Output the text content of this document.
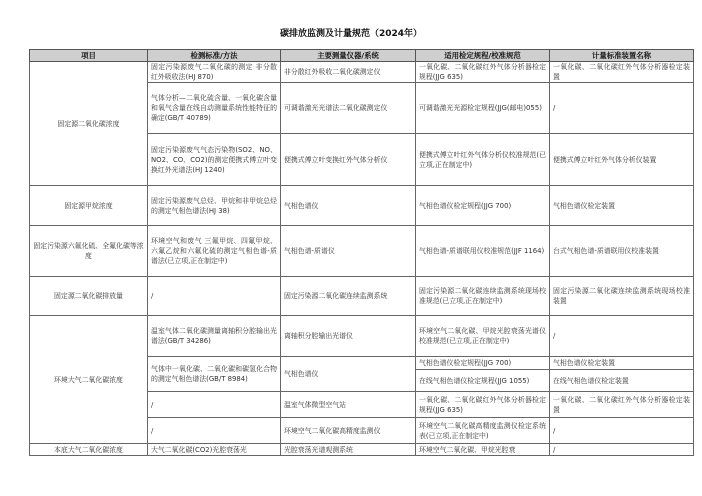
碳排放监测及计量规范（2024年）
项目	检测标准/方法	主要测量仪器/系统	适用检定规程/校准规范	计量标准装置名称
固定源二氧化碳浓度	固定污染源废气二氧化碳的测定 非分散红外吸收法(HJ 870)	非分散红外吸收二氧化碳测定仪	一氧化碳、二氧化碳红外气体分析器检定规程(JJG 635)	一氧化碳、二氧化碳红外气体分析器检定装置
	气体分析—二氧化硫含量、一氧化碳含量和氧气含量在线自动测量系统性能特征的确定(GB/T 40789)	可调谐激光光谱法二氧化碳测定仪	可调谐激光光源检定规程(JJG(邮电)055)	/
	固定污染源废气气态污染物(SO2、NO、NO2、CO、CO2)的测定便携式傅立叶变换红外光谱法(HJ 1240)	便携式傅立叶变换红外气体分析仪	便携式傅立叶红外气体分析仪校准规范(已立项,正在制定中)	便携式傅立叶红外气体分析仪装置
固定源甲烷浓度	固定污染源废气总烃、甲烷和非甲烷总烃的测定气相色谱法(HJ 38)	气相色谱仪	气相色谱仪检定规程(JJG 700)	气相色谱仪检定装置
固定污染源六氟化硫、全氟化碳等浓度	环境空气和废气 三氟甲烷、四氟甲烷、六氟乙烷和六氟化硫的测定气相色谱-质谱法(已立项,正在制定中)	气相色谱-质谱仪	气相色谱-质谱联用仪校准规范(JJF 1164)	台式气相色谱-质谱联用仪校准装置
固定源二氧化碳排放量	/	固定污染源二氧化碳连续监测系统	固定污染源二氧化碳连续监测系统现场校准规范(已立项,正在制定中)	固定污染源二氧化碳连续监测系统现场校准装置
环境大气二氧化碳浓度	温室气体二氧化碳测量离轴积分腔输出光谱法(GB/T 34286)	离轴积分腔输出光谱仪	环境空气二氧化碳、甲烷光腔衰荡光谱仪校准规范(已立项,正在制定中)	/
	气体中一氧化碳、二氧化碳和碳氢化合物的测定气相色谱法(GB/T 8984)	气相色谱仪	气相色谱仪检定规程(JJG 700)	气相色谱仪检定装置
			在线气相色谱仪检定规程(JJG 1055)	在线气相色谱仪检定装置
	/	温室气体微型空气站	一氧化碳、二氧化碳红外气体分析器检定规程(JJG 635)	一氧化碳、二氧化碳红外气体分析器检定装置
	/	环境空气二氧化碳高精度监测仪	环境空气二氧化碳高精度监测仪检定系统表(已立项,正在制定中)	/
本底大气二氧化碳浓度	大气二氧化碳(CO2)光腔衰荡光	光腔衰荡光谱观测系统	环境空气二氧化碳、甲烷光腔衰	/
